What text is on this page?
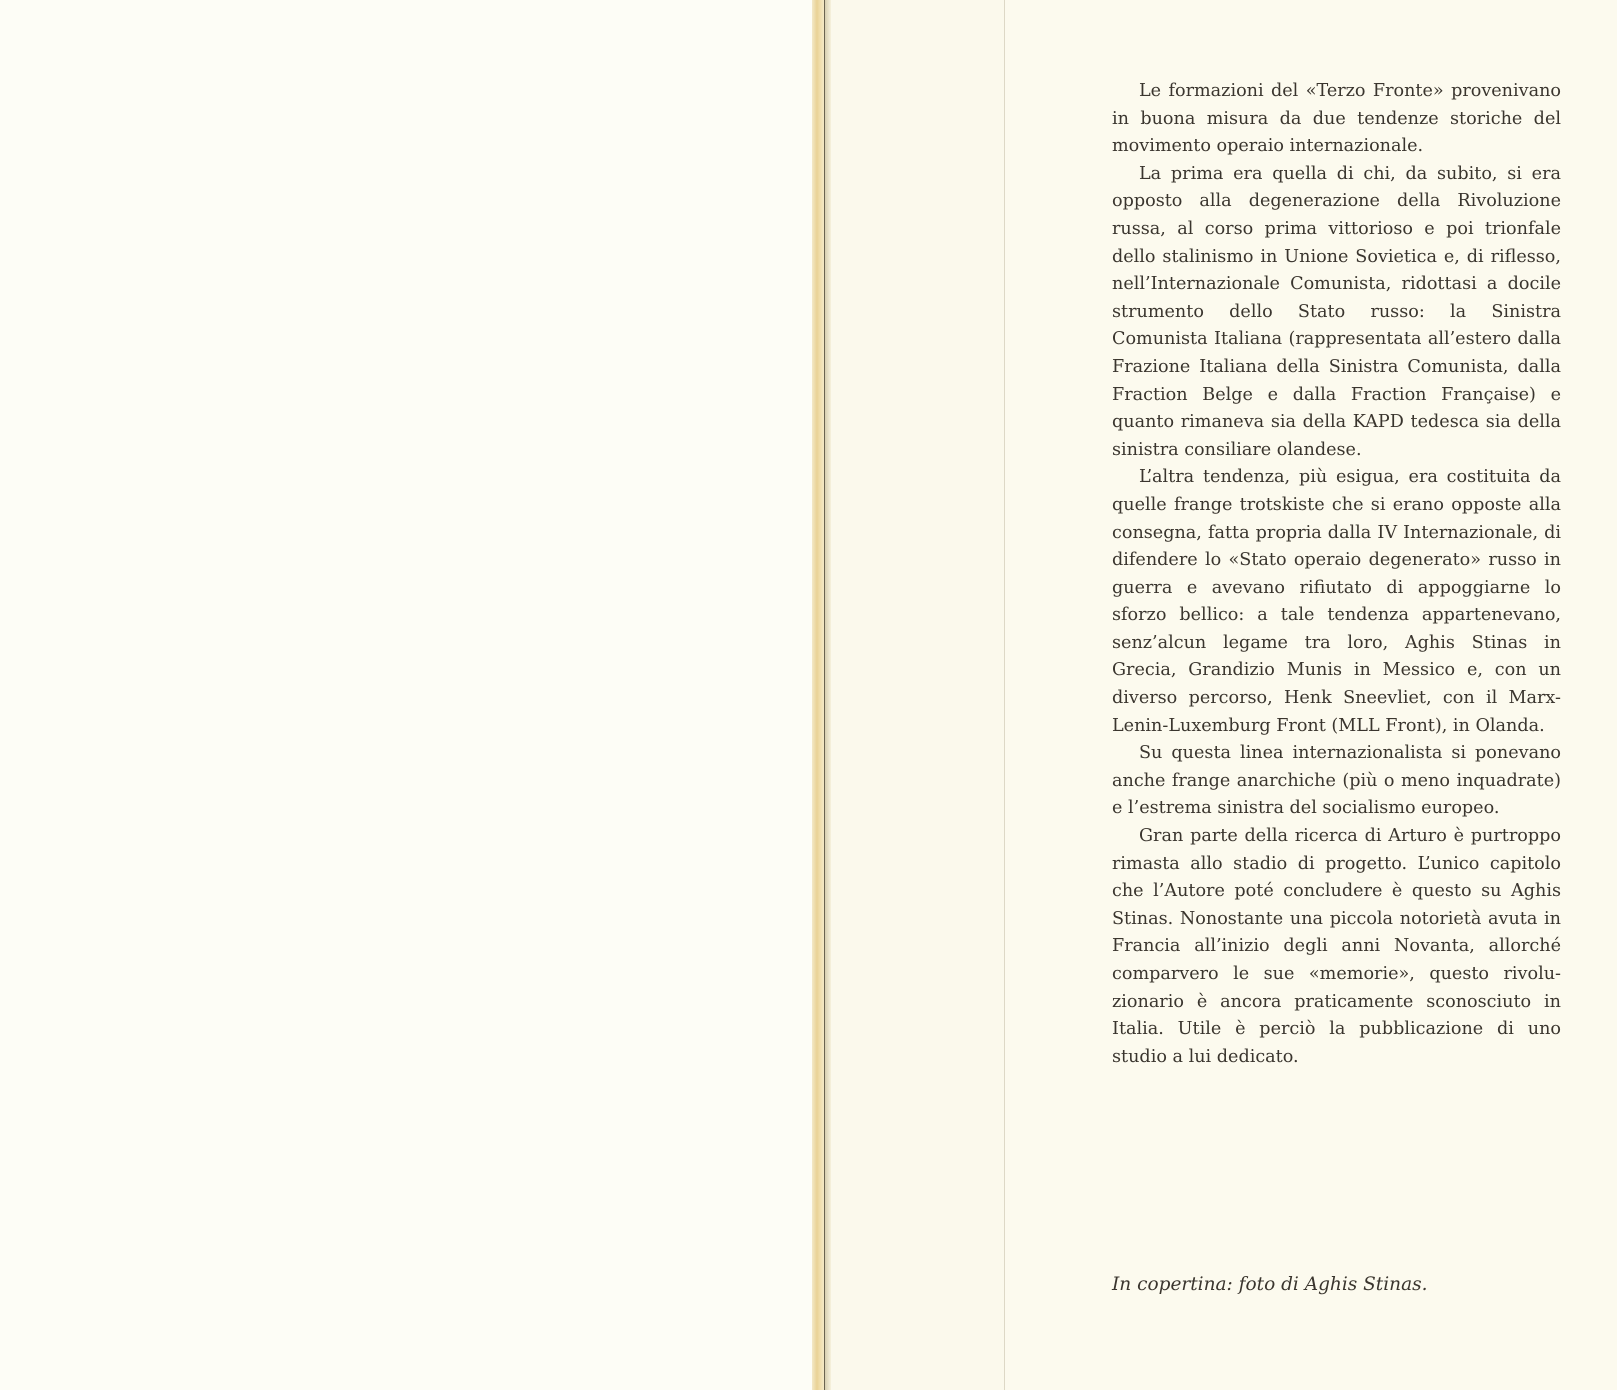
Le formazioni del «Terzo Fronte» provenivano in buona misura da due tendenze storiche del movimento operaio internazionale.

La prima era quella di chi, da subito, si era opposto alla degenerazione della Rivoluzione russa, al corso prima vittorioso e poi trionfale dello stalinismo in Unione Sovietica e, di riflesso, nell’Internazionale Comunista, ridottasi a docile strumento dello Stato russo: la Sinistra Comunista Italiana (rappresentata all’estero dalla Frazione Italiana della Sinistra Comunista, dalla Fraction Belge e dalla Fraction Française) e quanto rimaneva sia della KAPD tedesca sia della sinistra consiliare olandese.

L’altra tendenza, più esigua, era costituita da quelle frange trotskiste che si erano opposte alla consegna, fatta propria dalla IV Internazionale, di difendere lo «Stato operaio degenerato» russo in guerra e avevano rifiutato di appoggiarne lo sforzo bellico: a tale tendenza appartenevano, senz’alcun legame tra loro, Aghis Stinas in Grecia, Grandizio Munis in Messico e, con un diverso percorso, Henk Sneevliet, con il Marx-Lenin-Luxemburg Front (MLL Front), in Olanda.

Su questa linea internazionalista si ponevano anche frange anarchiche (più o meno inquadrate) e l’estrema sinistra del socialismo europeo.

Gran parte della ricerca di Arturo è purtroppo rimasta allo stadio di progetto. L’unico capitolo che l’Autore poté concludere è questo su Aghis Stinas. Nonostante una piccola notorietà avuta in Francia all’inizio degli anni Novanta, allorché comparvero le sue «memorie», questo rivoluzionario è ancora praticamente sconosciuto in Italia. Utile è perciò la pubblicazione di uno studio a lui dedicato.

In copertina: foto di Aghis Stinas.
